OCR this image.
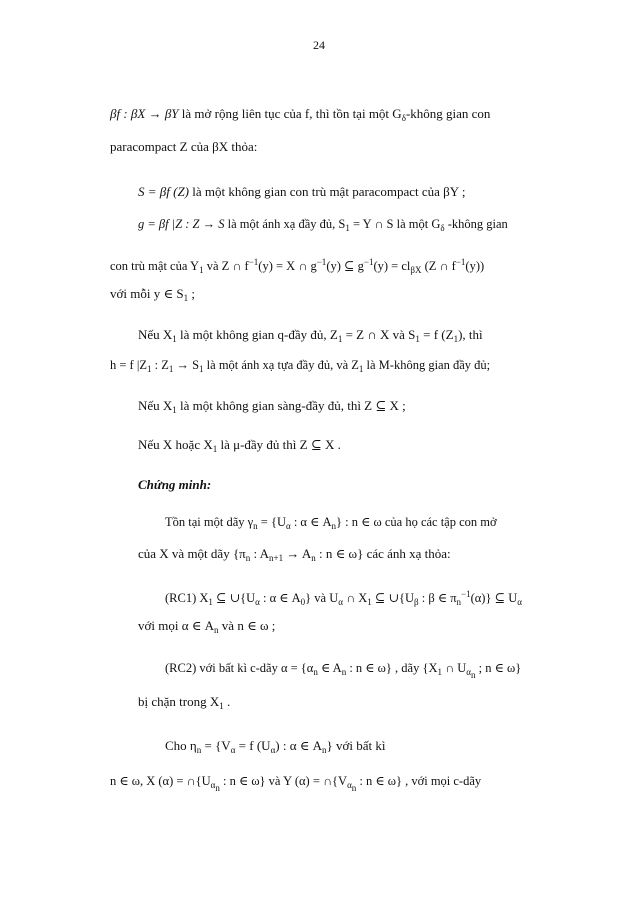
24
βf : βX → βY là mở rộng liên tục của f, thì tồn tại một $G_\delta$-không gian con
paracompact Z của βX thỏa:
S = βf (Z) là một không gian con trù mật paracompact của βY ;
g = βf |Z : Z → S là một ánh xạ đầy đủ, $S_1 = Y$ ∩ S là một $G_\delta$ -không gian
con trù mật của $Y_1$ và Z ∩ $f^{-1}(y) = X$ ∩ $g^{-1}(y)$ ⊆ $g^{-1}(y) = cl_{\beta X}$ (Z ∩ $f^{-1}(y)$)
với mỗi y ∈ $S_1$ ;
Nếu $X_1$ là một không gian q-đầy đủ, $Z_1 = Z$ ∩ X và $S_1 = f$ $(Z_1)$, thì
h = f $|Z_1$ : $Z_1 \to S_1$ là một ánh xạ tựa đầy đủ, và $Z_1$ là M-không gian đầy đủ;
Nếu $X_1$ là một không gian sàng-đầy đủ, thì Z ⊆ X ;
Nếu X hoặc $X_1$ là μ-đầy đủ thì Z ⊆ X .
Chứng minh:
Tồn tại một dãy $\gamma_n = \{U_\alpha$ : α ∈ $A_n$} : n ∈ ω của họ các tập con mở
của X và một dãy {$\pi_n$ : $A_{n+1} \to A_n$ : n ∈ ω} các ánh xạ thỏa:
(RC1) $X_1$ ⊆ $\cup\{U_\alpha$ : α ∈ $A_0$} và $U_\alpha$ ∩ $X_1$ ⊆ $\cup\{U_\beta$ : β ∈ $\pi_n^{-1}(\alpha)$} ⊆ $U_\alpha$
với mọi α ∈ $A_n$ và n ∈ ω ;
(RC2) với bất kì c-dãy $\alpha = \{\alpha_n$ ∈ $A_n$ : n ∈ ω} , dãy {$X_1$ ∩ $U_{\alpha_n}$ ; n ∈ ω}
bị chặn trong $X_1$ .
Cho $\eta_n = \{V_\alpha = f$ $(U_\alpha)$ : α ∈ $A_n$} với bất kì
n ∈ ω, X $(\alpha) = \cap\{U_{\alpha_n}$ : n ∈ ω} và Y $(\alpha) = \cap\{V_{\alpha_n}$ : n ∈ ω} , với mọi c-dãy
